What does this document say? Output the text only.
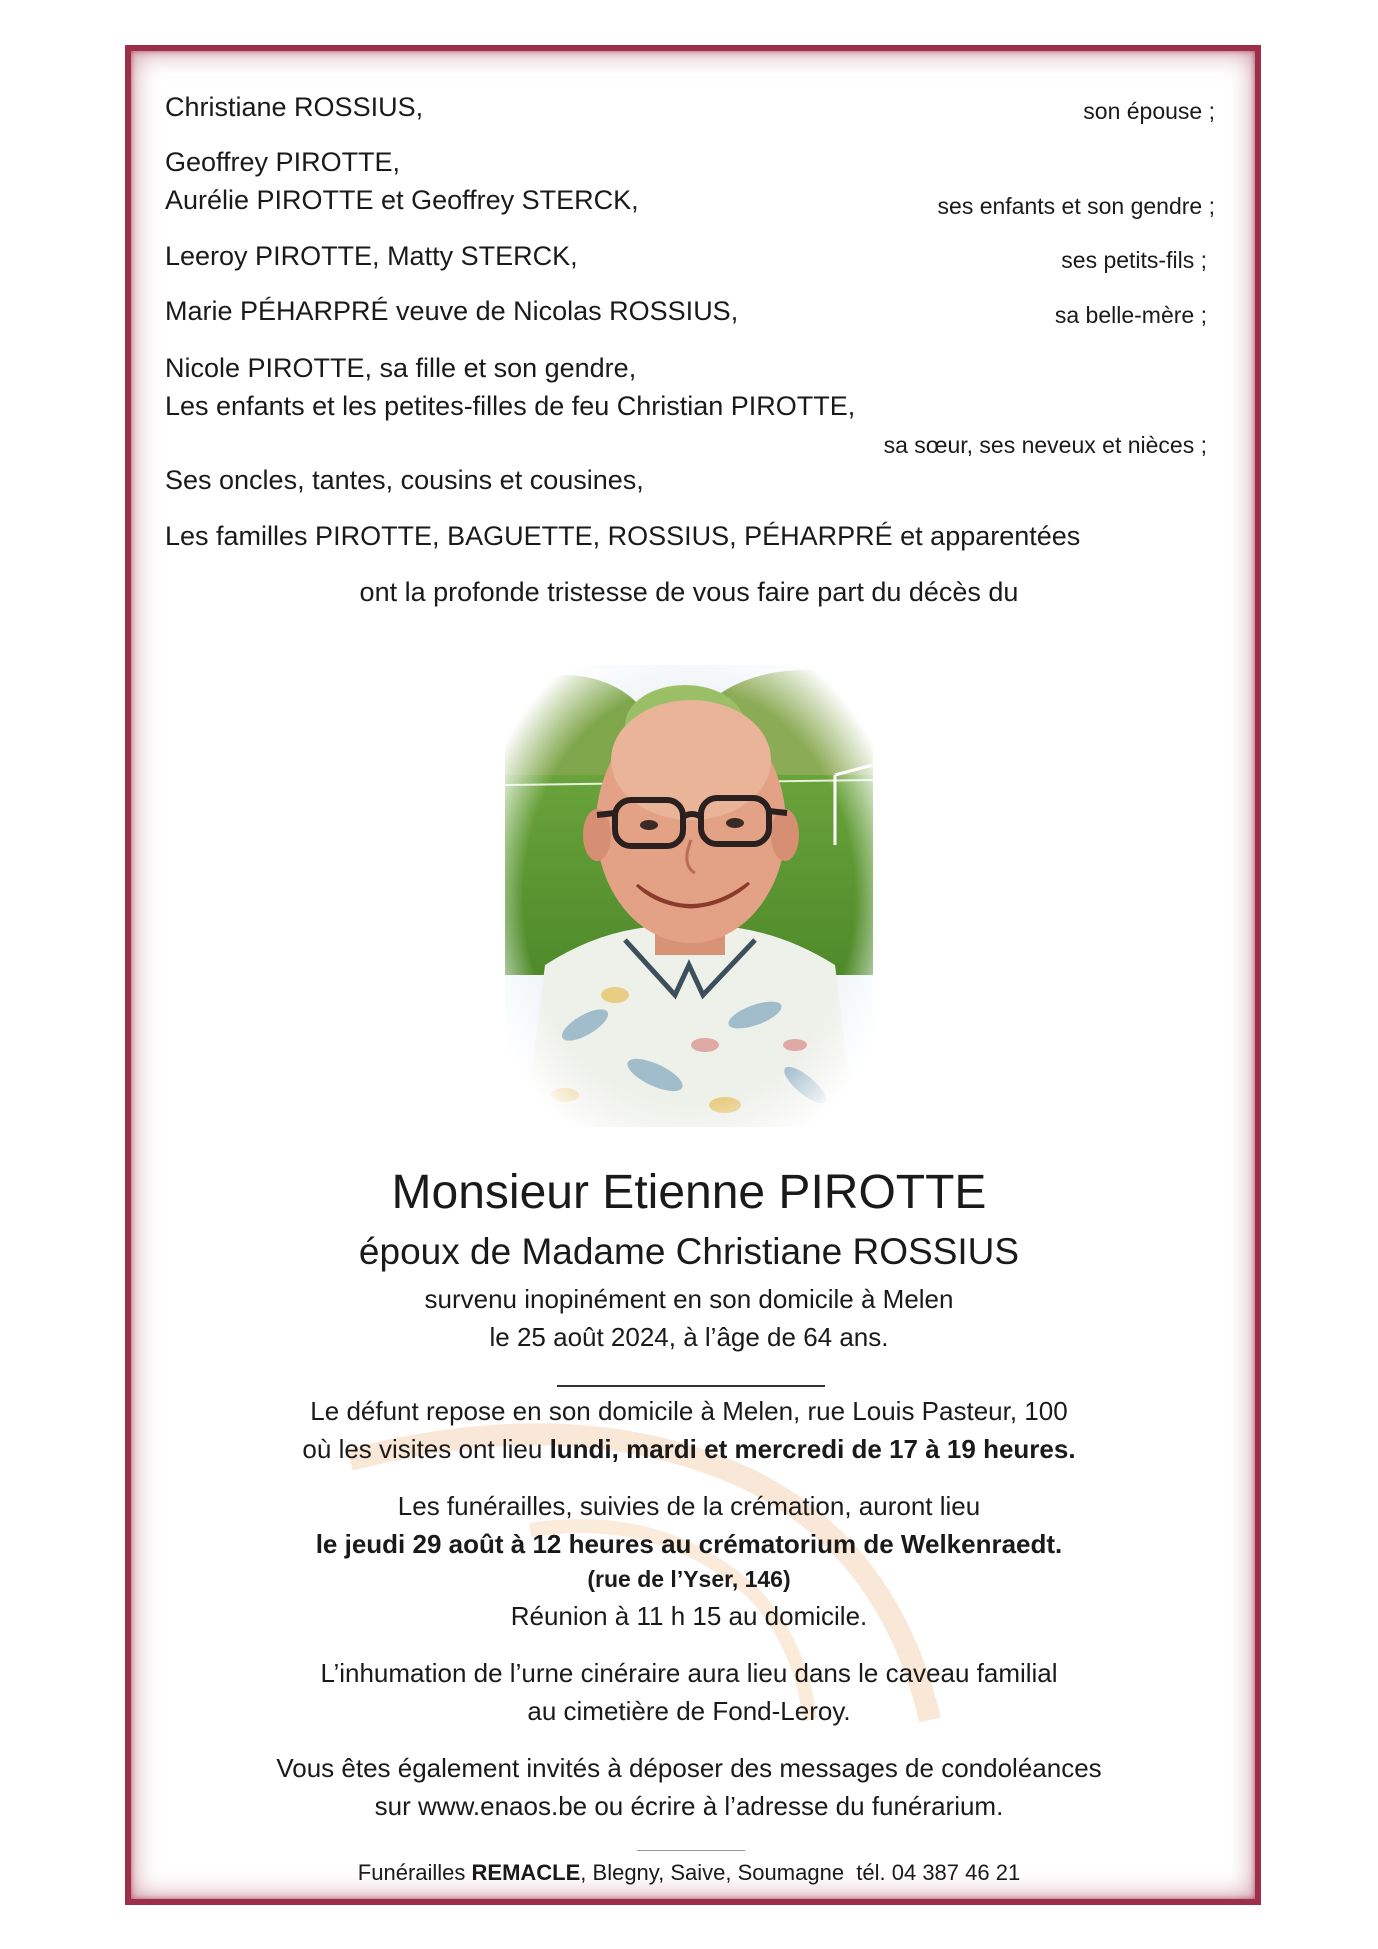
son épouse ;
Christiane ROSSIUS,
Geoffrey PIROTTE,
ses enfants et son gendre ;
Aurélie PIROTTE et Geoffrey STERCK,
ses petits-fils ;
Leeroy PIROTTE, Matty STERCK,
sa belle-mère ;
Marie PÉHARPRÉ veuve de Nicolas ROSSIUS,
Nicole PIROTTE, sa fille et son gendre,
Les enfants et les petites-filles de feu Christian PIROTTE,
sa sœur, ses neveux et nièces ;
Ses oncles, tantes, cousins et cousines,
Les familles PIROTTE, BAGUETTE, ROSSIUS, PÉHARPRÉ et apparentées
ont la profonde tristesse de vous faire part du décès du
Monsieur Etienne PIROTTE
époux de Madame Christiane ROSSIUS
survenu inopinément en son domicile à Melen
le 25 août 2024, à l’âge de 64 ans.
Le défunt repose en son domicile à Melen, rue Louis Pasteur, 100
où les visites ont lieu lundi, mardi et mercredi de 17 à 19 heures.
Les funérailles, suivies de la crémation, auront lieu
le jeudi 29 août à 12 heures au crématorium de Welkenraedt.
(rue de l’Yser, 146)
Réunion à 11 h 15 au domicile.
L’inhumation de l’urne cinéraire aura lieu dans le caveau familial
au cimetière de Fond-Leroy.
Vous êtes également invités à déposer des messages de condoléances
sur www.enaos.be ou écrire à l’adresse du funérarium.
Funérailles REMACLE, Blegny, Saive, Soumagne  tél. 04 387 46 21
